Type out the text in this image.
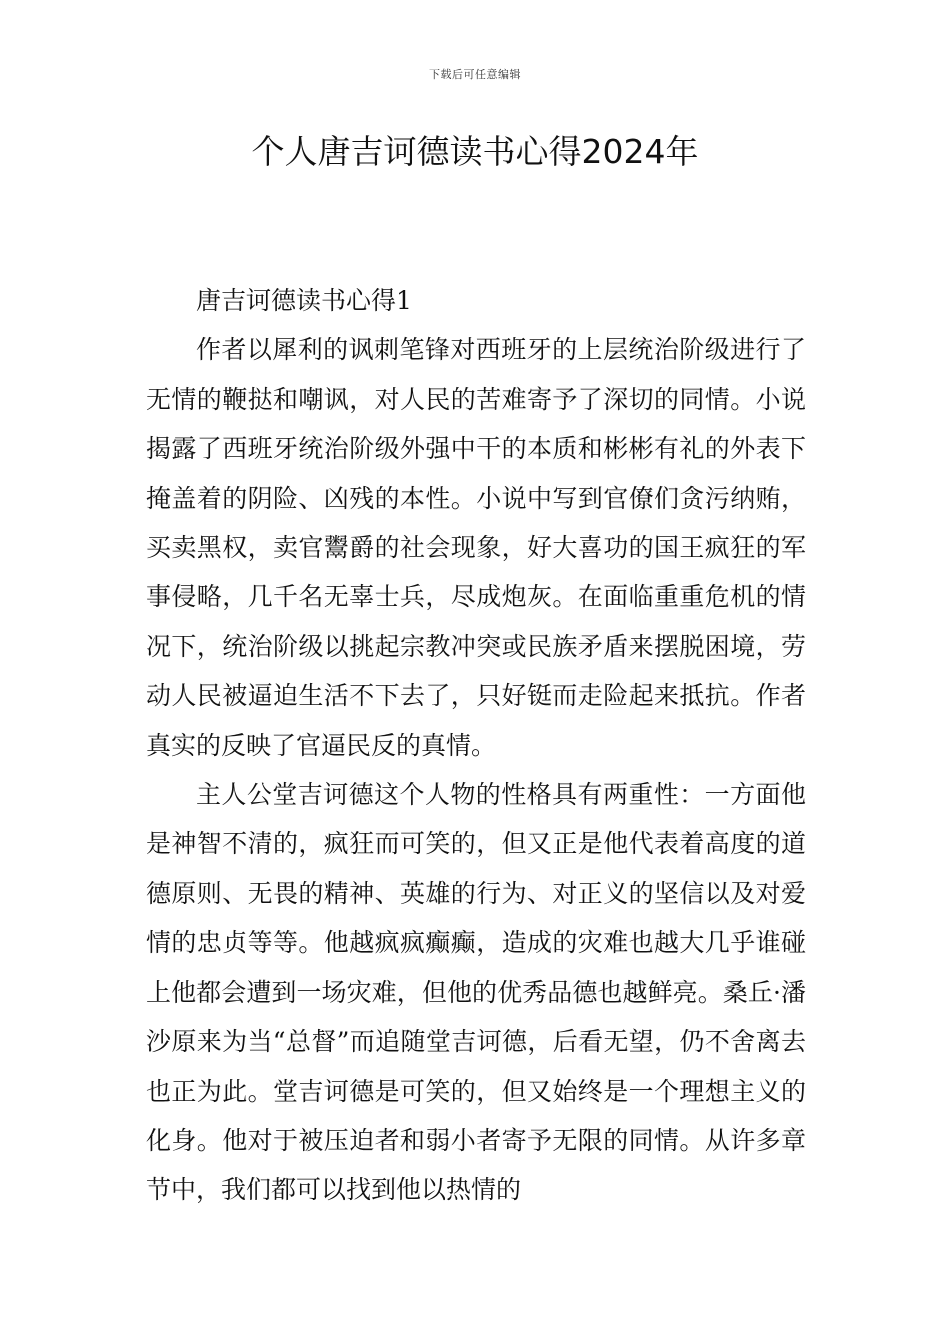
下载后可任意编辑
个人唐吉诃德读书心得2024年

唐吉诃德读书心得1

作者以犀利的讽刺笔锋对西班牙的上层统治阶级进行了无情的鞭挞和嘲讽，对人民的苦难寄予了深切的同情。小说揭露了西班牙统治阶级外强中干的本质和彬彬有礼的外表下掩盖着的阴险、凶残的本性。小说中写到官僚们贪污纳贿，买卖黑权，卖官鬻爵的社会现象，好大喜功的国王疯狂的军事侵略，几千名无辜士兵，尽成炮灰。在面临重重危机的情况下，统治阶级以挑起宗教冲突或民族矛盾来摆脱困境，劳动人民被逼迫生活不下去了，只好铤而走险起来抵抗。作者真实的反映了官逼民反的真情。

主人公堂吉诃德这个人物的性格具有两重性：一方面他是神智不清的，疯狂而可笑的，但又正是他代表着高度的道德原则、无畏的精神、英雄的行为、对正义的坚信以及对爱情的忠贞等等。他越疯疯癫癫，造成的灾难也越大几乎谁碰上他都会遭到一场灾难，但他的优秀品德也越鲜亮。桑丘·潘沙原来为当“总督”而追随堂吉诃德，后看无望，仍不舍离去也正为此。堂吉诃德是可笑的，但又始终是一个理想主义的化身。他对于被压迫者和弱小者寄予无限的同情。从许多章节中，我们都可以找到他以热情的
